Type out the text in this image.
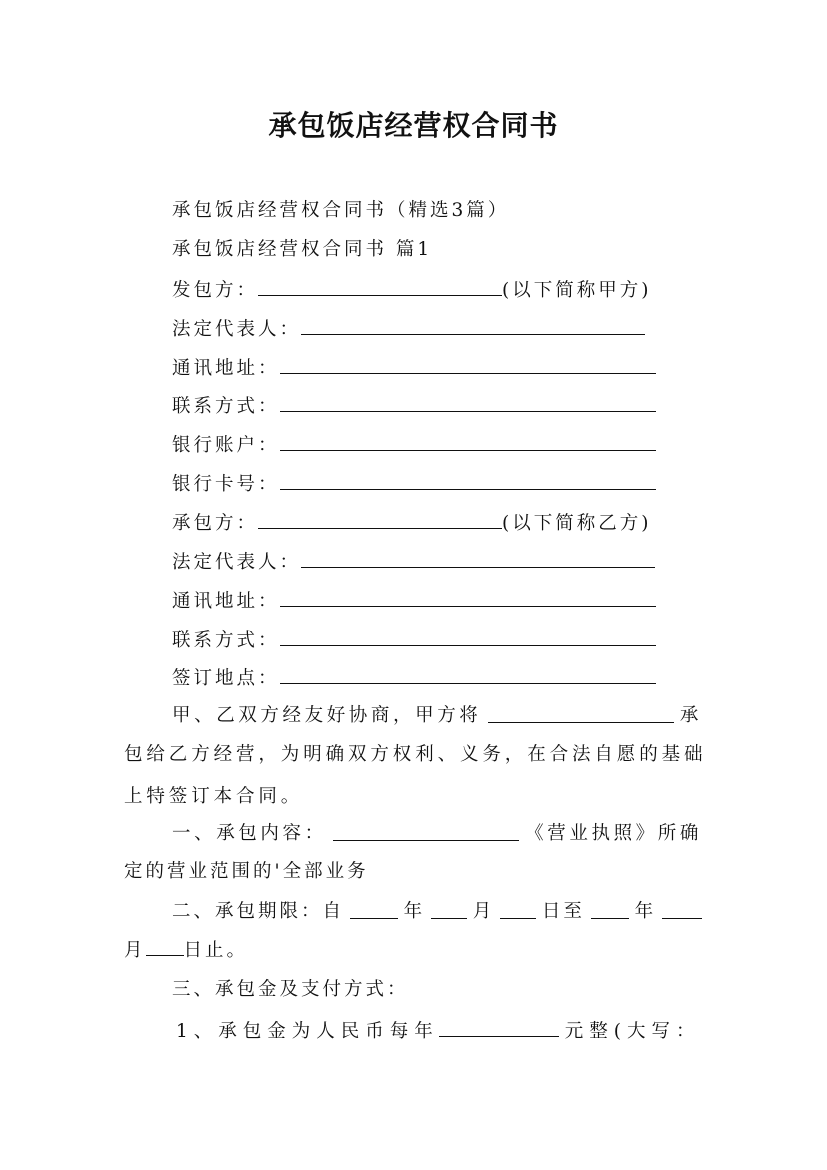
承包饭店经营权合同书
承包饭店经营权合同书（精选3篇）
承包饭店经营权合同书 篇1
发包方：	(以下简称甲方)
法定代表人：
通讯地址：
联系方式：
银行账户：
银行卡号：
承包方：	(以下简称乙方)
法定代表人：
通讯地址：
联系方式：
签订地点：
甲、乙双方经友好协商，甲方将	承
包给乙方经营，为明确双方权利、义务，在合法自愿的基础
上特签订本合同。
一、承包内容：	《营业执照》所确
定的营业范围的'全部业务
二、承包期限：自	年	月	日至	年
月 日止。
三、承包金及支付方式：
1、承包金为人民币每年	元整(大写：
